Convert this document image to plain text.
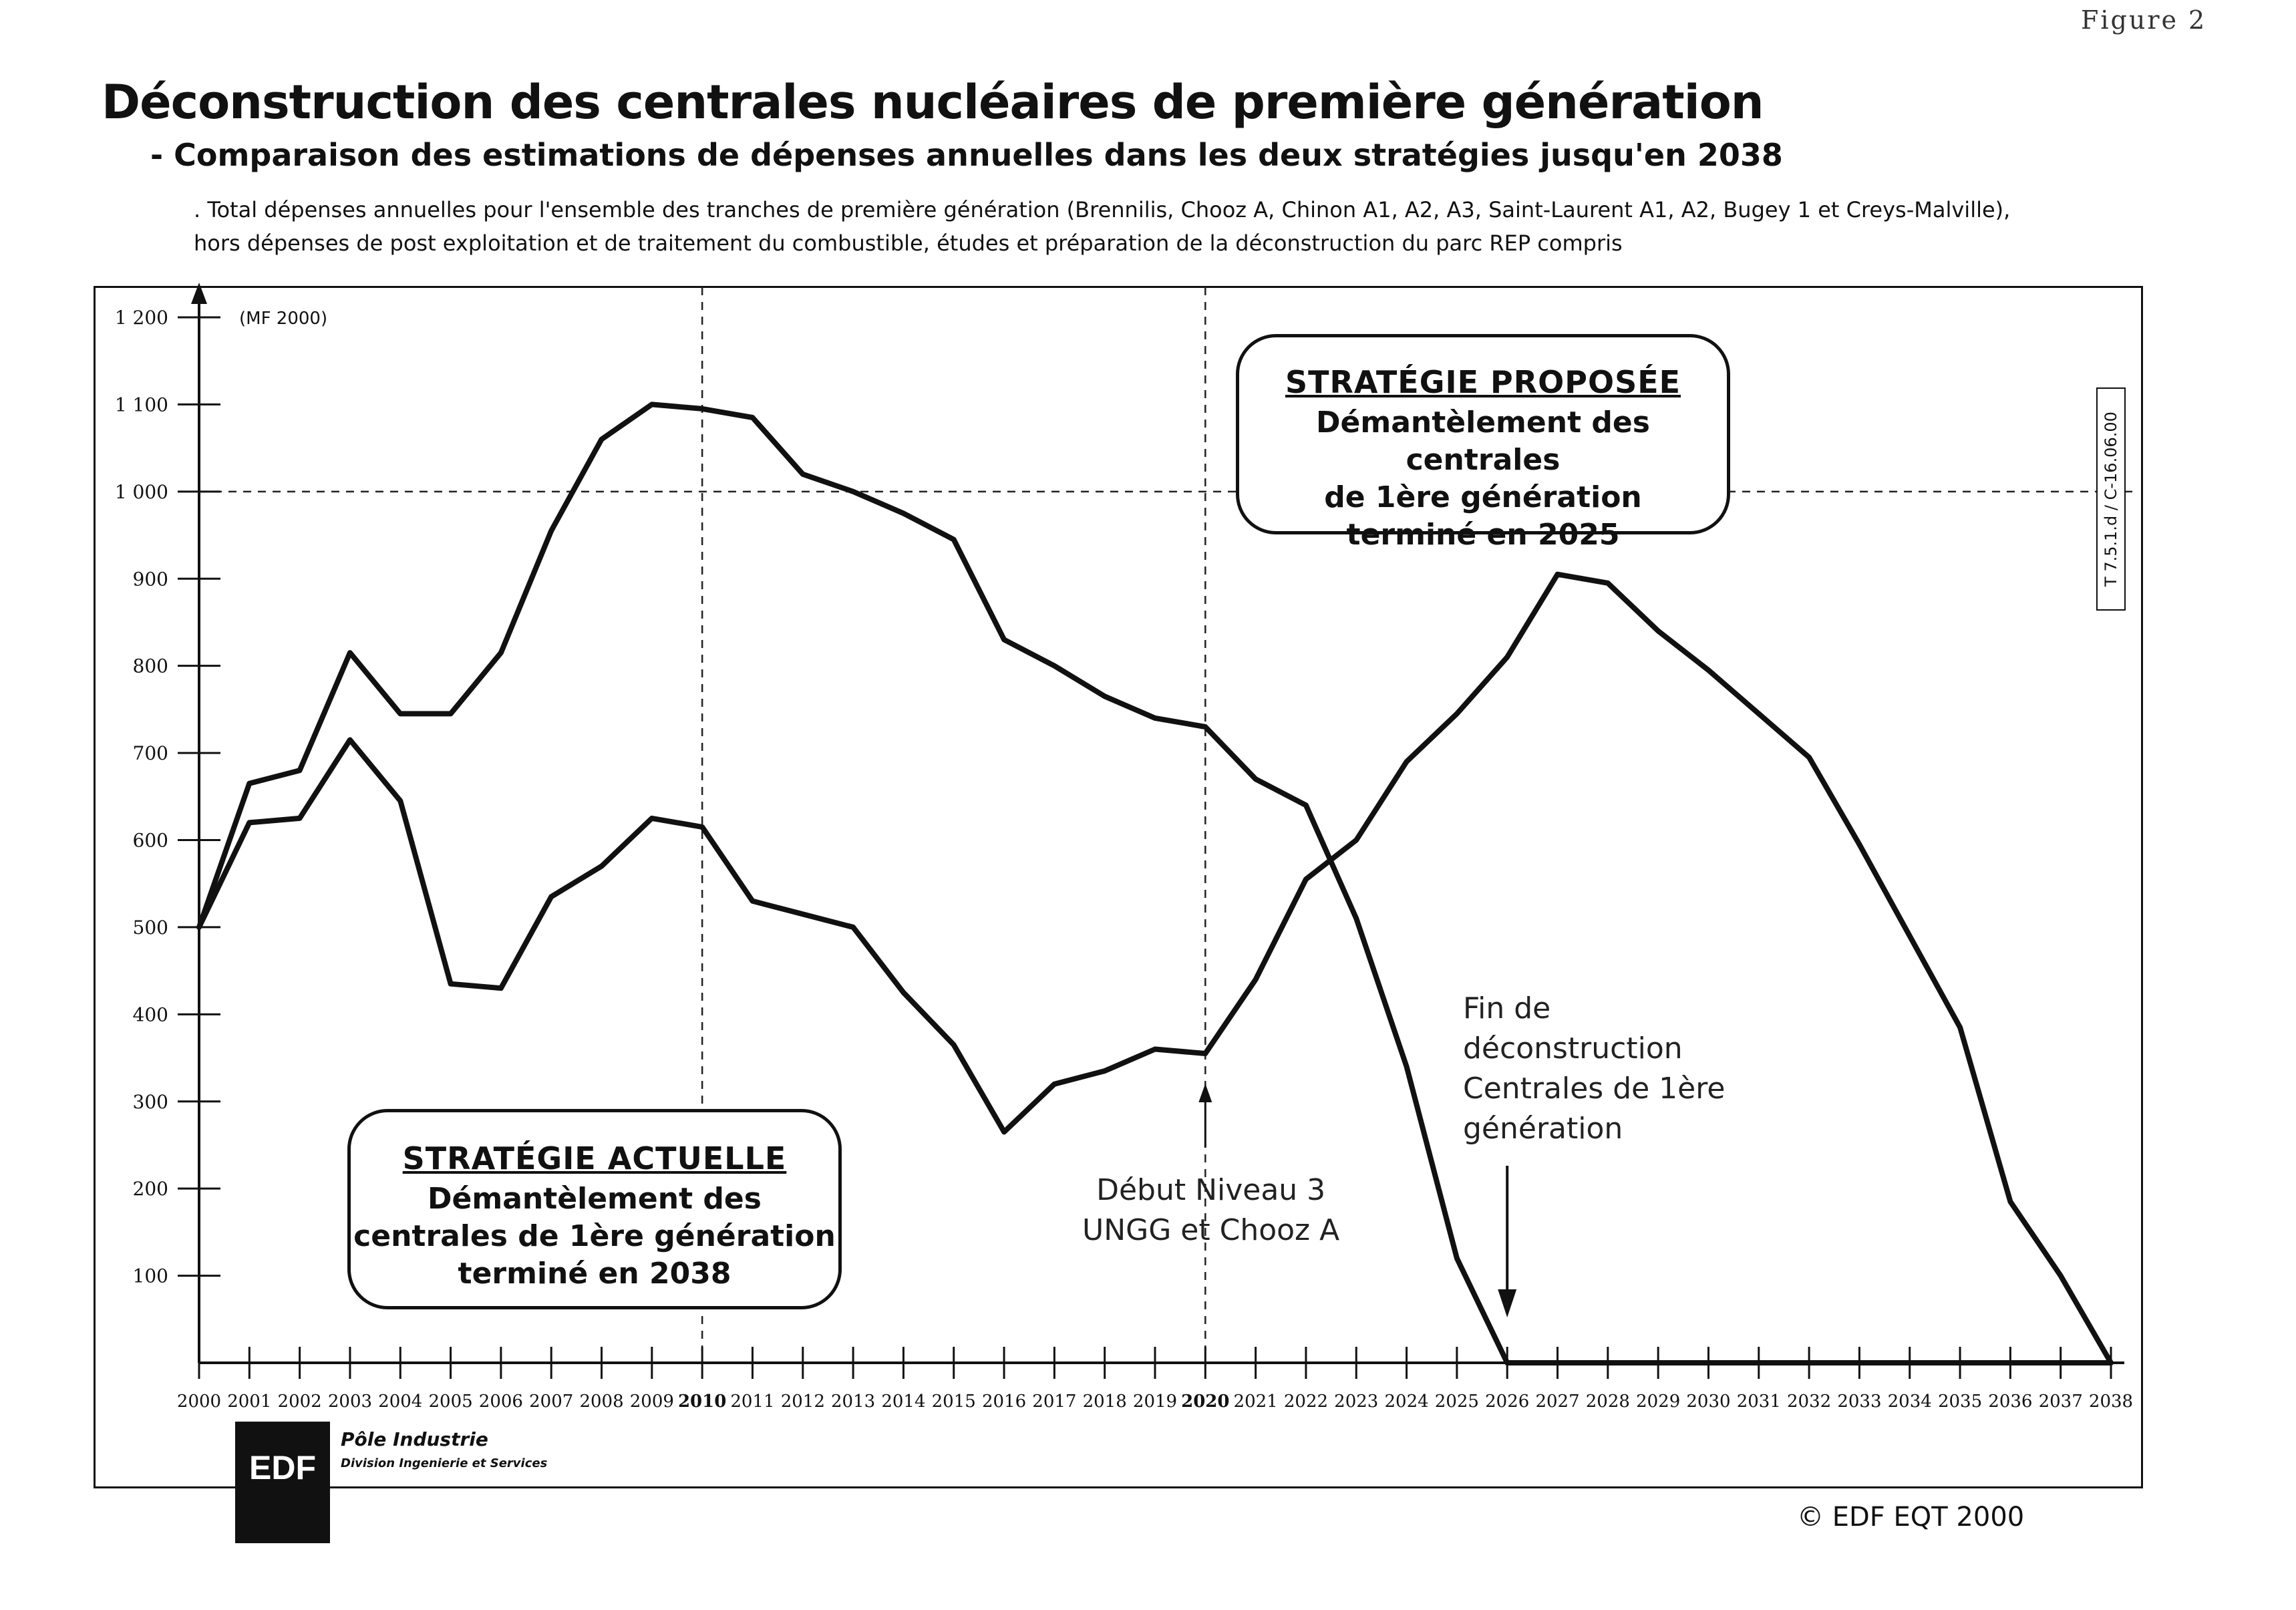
Figure 2
Déconstruction des centrales nucléaires de première génération
- Comparaison des estimations de dépenses annuelles dans les deux stratégies jusqu'en 2038
. Total dépenses annuelles pour l'ensemble des tranches de première génération (Brennilis, Chooz A, Chinon A1, A2, A3, Saint-Laurent A1, A2, Bugey 1 et Creys-Malville),
hors dépenses de post exploitation et de traitement du combustible, études et préparation de la déconstruction du parc REP compris
100
200
300
400
500
600
700
800
900
1 000
1 100
1 200	(MF 2000)
2000 2001 2002 2003 2004 2005 2006 2007 2008 2009 2010 2011 2012 2013 2014 2015 2016 2017 2018 2019 2020 2021 2022 2023 2024 2025 2026 2027 2028 2029 2030 2031 2032 2033 2034 2035 2036 2037 2038
STRATÉGIE PROPOSÉE
Démantèlement des centrales
de 1ère génération
terminé en 2025
STRATÉGIE ACTUELLE
Démantèlement des
centrales de 1ère génération
terminé en 2038
Fin de
déconstruction
Centrales de 1ère
génération
Début Niveau 3
UNGG et Chooz A
T 7.5.1.d / C-16.06.00
EDF
Pôle Industrie
Division Ingenierie et Services
© EDF EQT 2000
